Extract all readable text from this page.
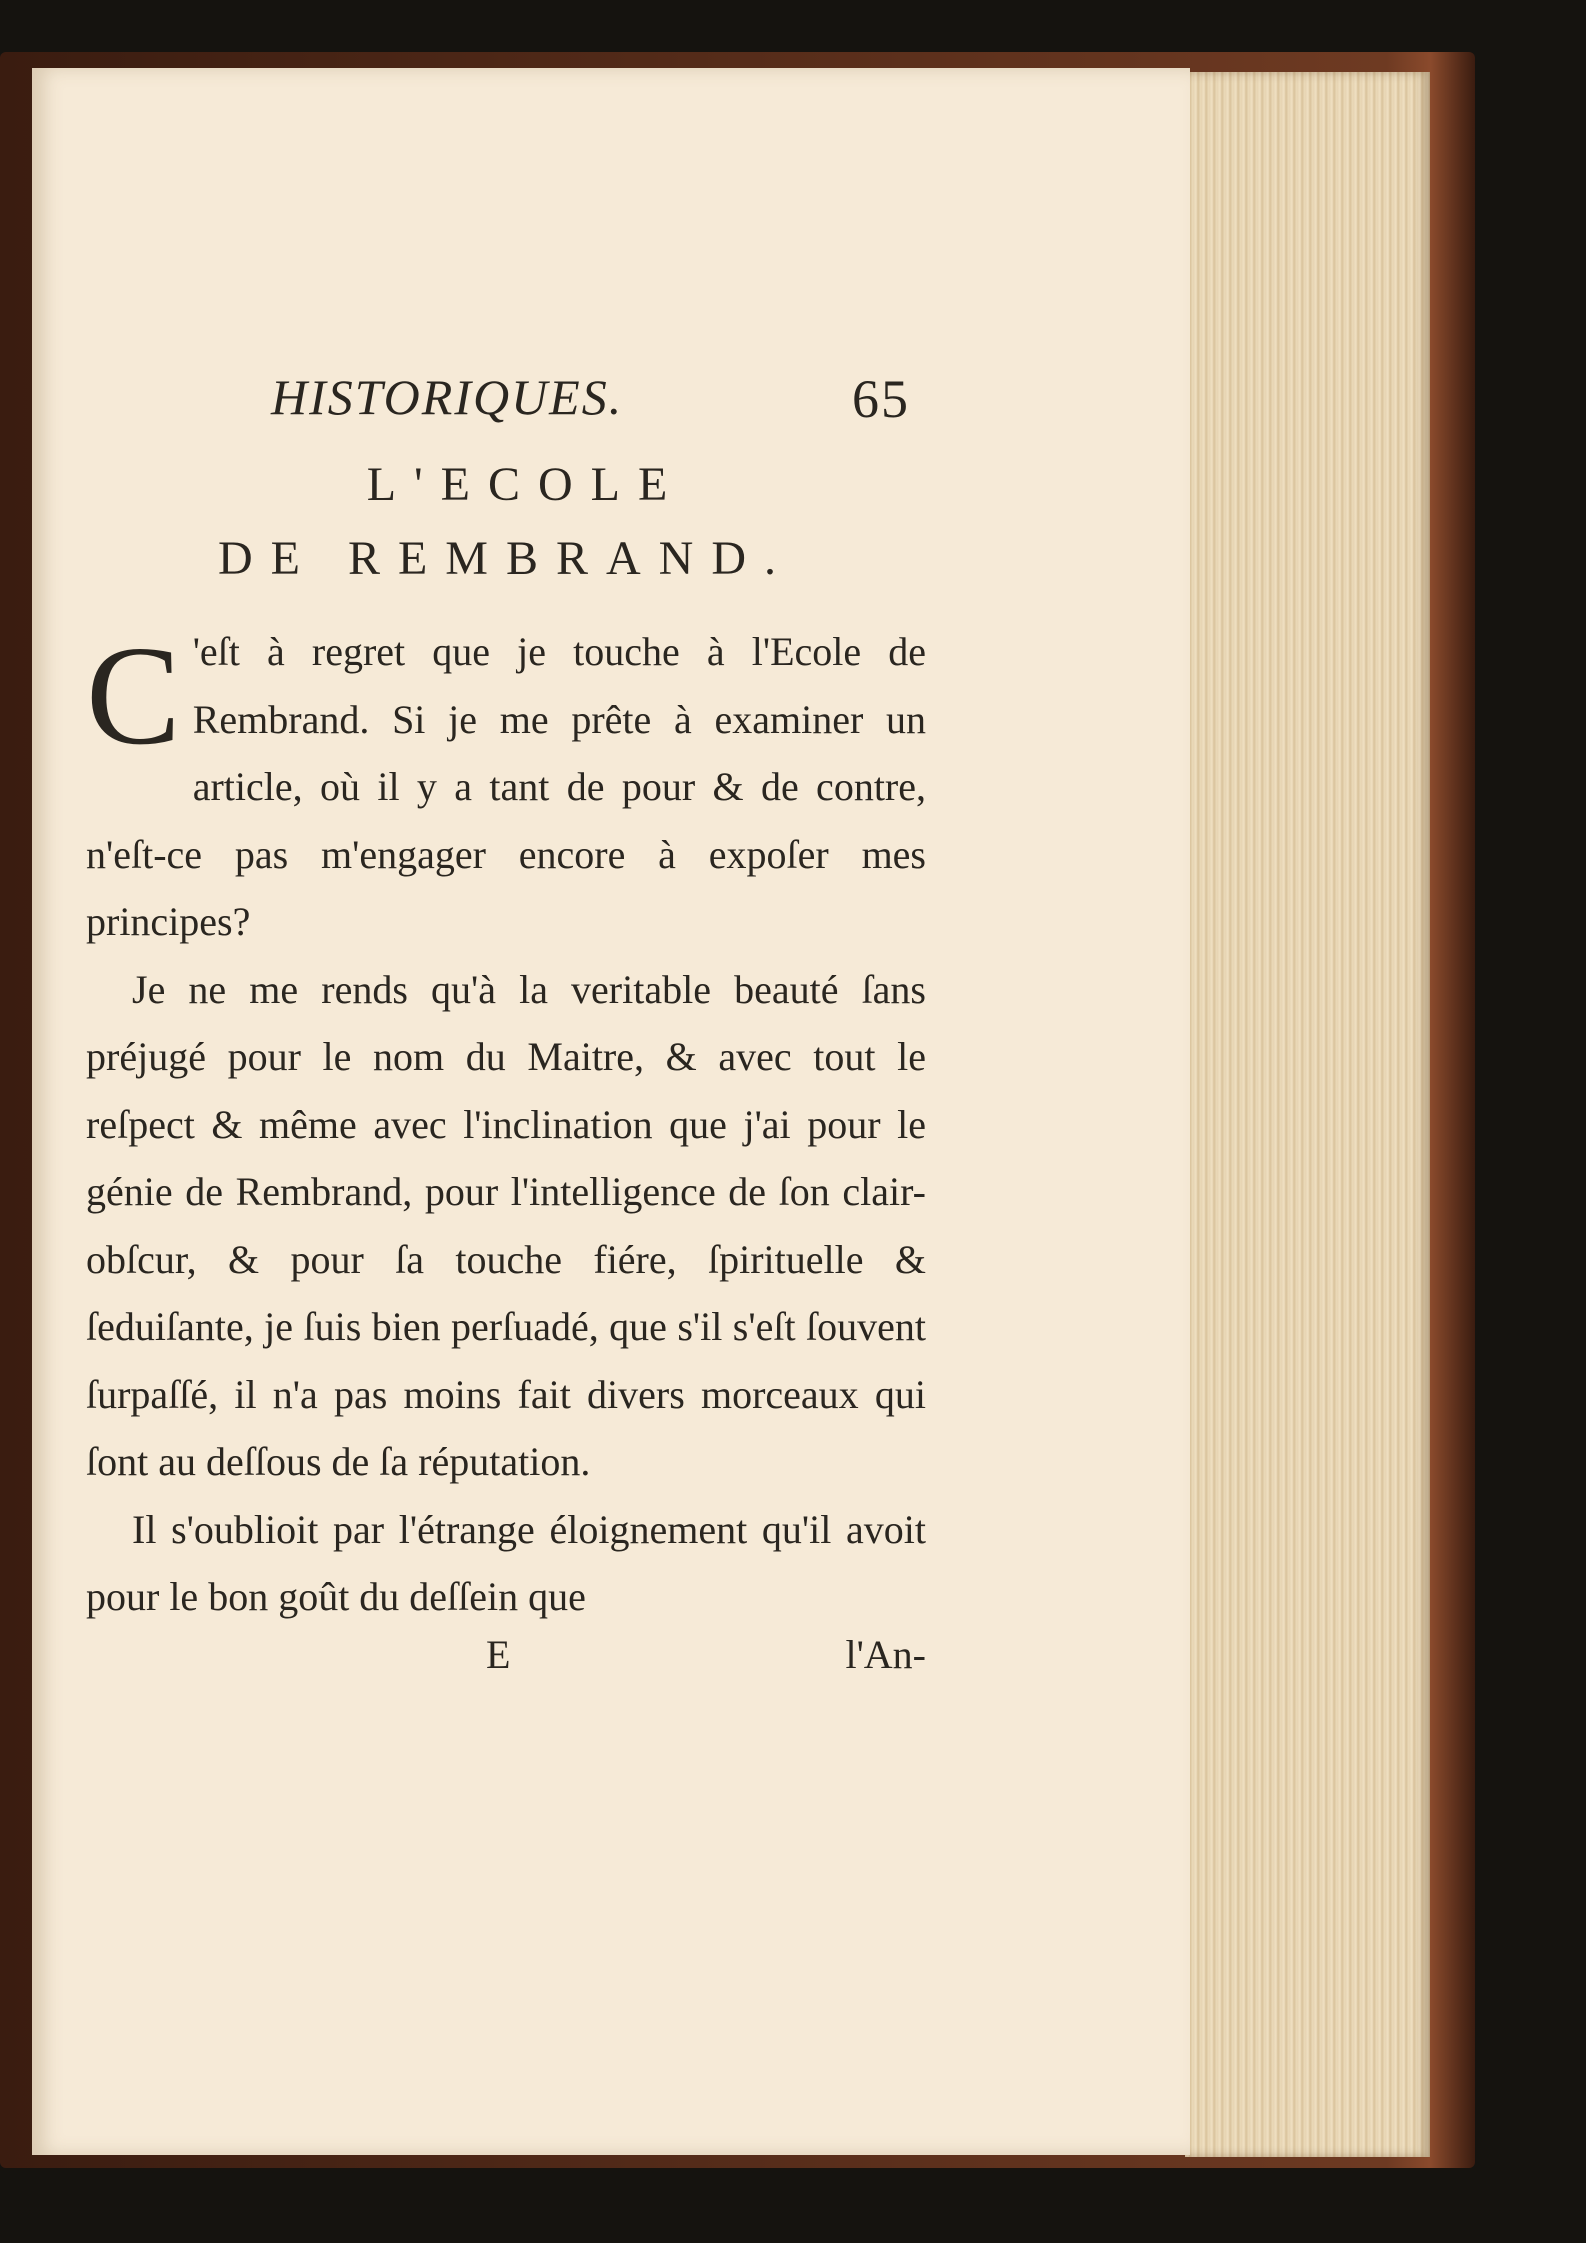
HISTORIQUES.	65
L'ECOLE
DE REMBRAND.

C 'eſt à regret que je touche à l'Ecole de Rembrand. Si je me prête à examiner un article, où il y a tant de pour & de contre, n'eſt-ce pas m'engager encore à expoſer mes principes?

Je ne me rends qu'à la veritable beauté ſans préjugé pour le nom du Maitre, & avec tout le reſpect & même avec l'inclination que j'ai pour le génie de Rembrand, pour l'intelligence de ſon clair-obſcur, & pour ſa touche fiére, ſpirituelle & ſeduiſante, je ſuis bien perſuadé, que s'il s'eſt ſouvent ſurpaſſé, il n'a pas moins fait divers morceaux qui ſont au deſſous de ſa réputation.

Il s'oublioit par l'étrange éloignement qu'il avoit pour le bon goût du deſſein que

E	l'An-
